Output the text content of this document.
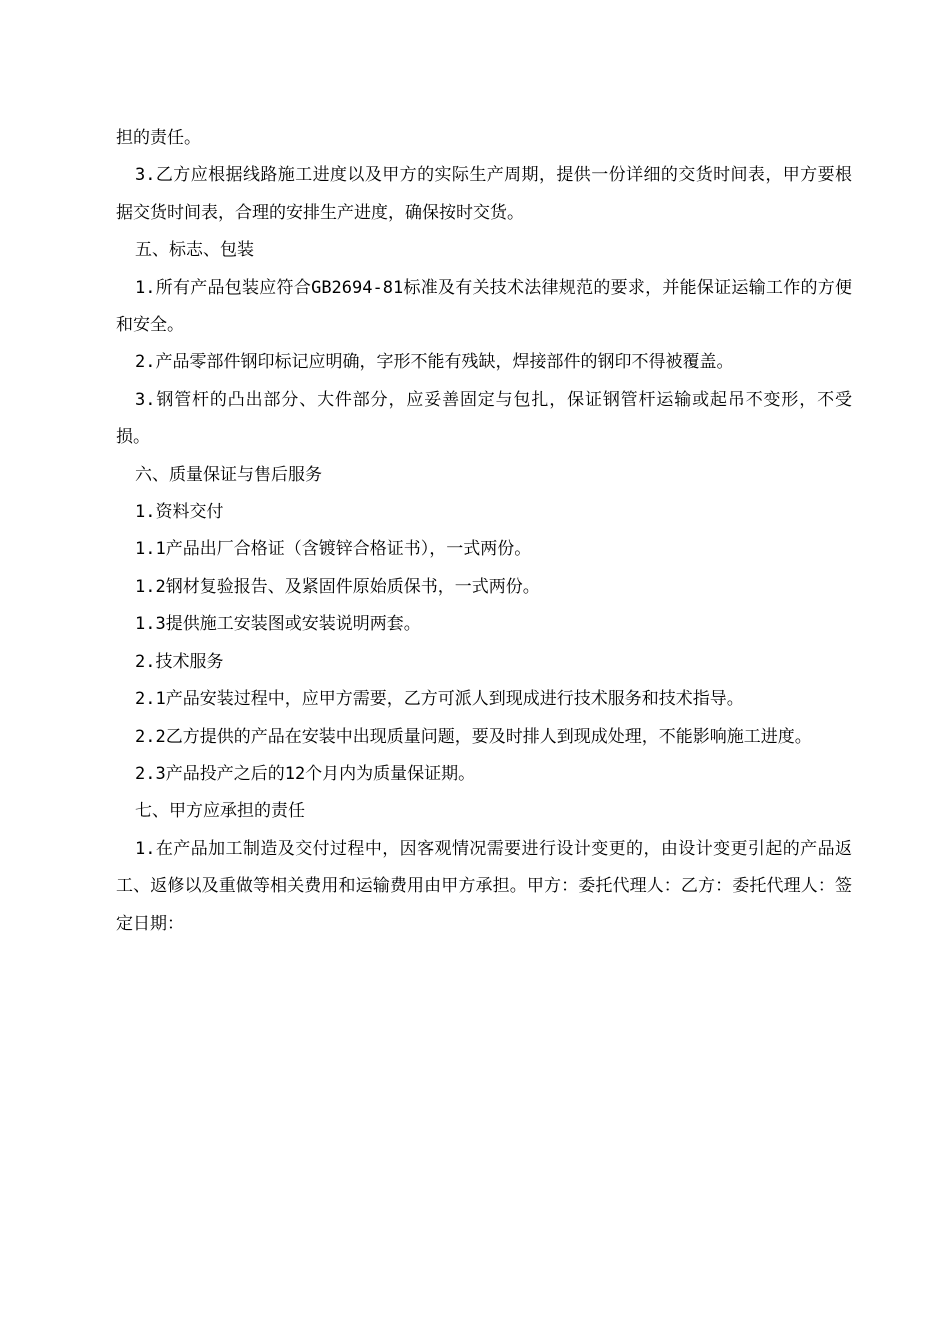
担的责任。

3.乙方应根据线路施工进度以及甲方的实际生产周期，提供一份详细的交货时间表，甲方要根据交货时间表，合理的安排生产进度，确保按时交货。

五、标志、包装

1.所有产品包装应符合GB2694-81标准及有关技术法律规范的要求，并能保证运输工作的方便和安全。

2.产品零部件钢印标记应明确，字形不能有残缺，焊接部件的钢印不得被覆盖。

3.钢管杆的凸出部分、大件部分，应妥善固定与包扎，保证钢管杆运输或起吊不变形，不受损。

六、质量保证与售后服务

1.资料交付

1.1产品出厂合格证（含镀锌合格证书），一式两份。

1.2钢材复验报告、及紧固件原始质保书，一式两份。

1.3提供施工安装图或安装说明两套。

2.技术服务

2.1产品安装过程中，应甲方需要，乙方可派人到现成进行技术服务和技术指导。

2.2乙方提供的产品在安装中出现质量问题，要及时排人到现成处理，不能影响施工进度。

2.3产品投产之后的12个月内为质量保证期。

七、甲方应承担的责任

1.在产品加工制造及交付过程中，因客观情况需要进行设计变更的，由设计变更引起的产品返工、返修以及重做等相关费用和运输费用由甲方承担。甲方：委托代理人：乙方：委托代理人：签定日期：
